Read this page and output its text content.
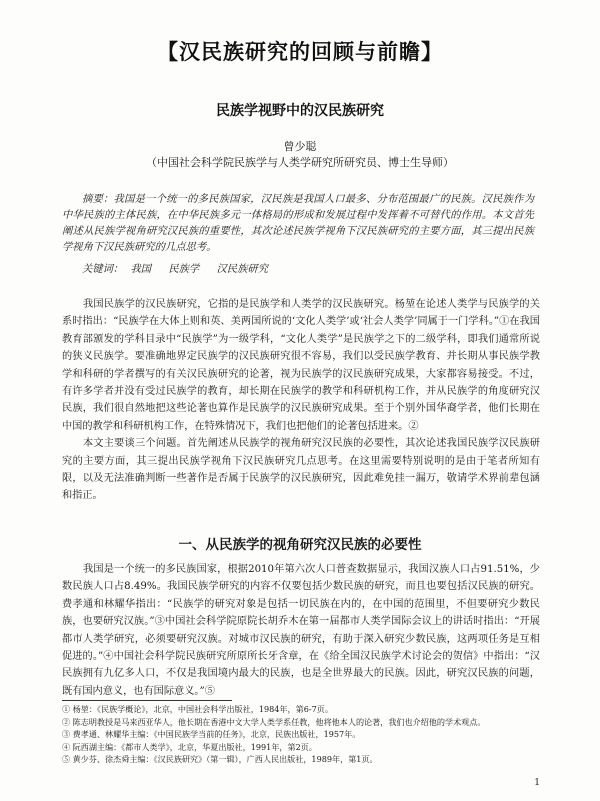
【汉民族研究的回顾与前瞻】
民族学视野中的汉民族研究
曾少聪
（中国社会科学院民族学与人类学研究所研究员、博士生导师）

摘要：我国是一个统一的多民族国家，汉民族是我国人口最多、分布范围最广的民族。汉民族作为中华民族的主体民族，在中华民族多元一体格局的形成和发展过程中发挥着不可替代的作用。本文首先阐述从民族学视角研究汉民族的重要性，其次论述民族学视角下汉民族研究的主要方面，其三提出民族学视角下汉民族研究的几点思考。

关键词： 我国 民族学 汉民族研究

我国民族学的汉民族研究，它指的是民族学和人类学的汉民族研究。杨堃在论述人类学与民族学的关系时指出：“民族学在大体上则和英、美两国所说的‘文化人类学’或‘社会人类学’同属于一门学科。”①在我国教育部颁发的学科目录中“民族学”为一级学科，“文化人类学”是民族学之下的二级学科，即我们通常所说的狭义民族学。要准确地界定民族学的汉民族研究很不容易，我们以受民族学教育、并长期从事民族学教学和科研的学者撰写的有关汉民族研究的论著，视为民族学的汉民族研究成果，大家都容易接受。不过，有许多学者并没有受过民族学的教育，却长期在民族学的教学和科研机构工作，并从民族学的角度研究汉民族，我们很自然地把这些论著也算作是民族学的汉民族研究成果。至于个别外国华裔学者，他们长期在中国的教学和科研机构工作，在特殊情况下，我们也把他们的论著包括进来。②

本文主要谈三个问题。首先阐述从民族学的视角研究汉民族的必要性，其次论述我国民族学汉民族研究的主要方面，其三提出民族学视角下汉民族研究几点思考。在这里需要特别说明的是由于笔者所知有限，以及无法准确判断一些著作是否属于民族学的汉民族研究，因此难免挂一漏万，敬请学术界前辈包涵和指正。

一、从民族学的视角研究汉民族的必要性

我国是一个统一的多民族国家，根据2010年第六次人口普查数据显示，我国汉族人口占91.51%，少数民族人口占8.49%。我国民族学研究的内容不仅要包括少数民族的研究，而且也要包括汉民族的研究。费孝通和林耀华指出：“民族学的研究对象是包括一切民族在内的，在中国的范围里，不但要研究少数民族，也要研究汉族。”③中国社会科学院原院长胡乔木在第一届都市人类学国际会议上的讲话时指出：“开展都市人类学研究，必须要研究汉族。对城市汉民族的研究，有助于深入研究少数民族，这两项任务是互相促进的。”④中国社会科学院民族研究所原所长牙含章，在《给全国汉民族学术讨论会的贺信》中指出：“汉民族拥有九亿多人口，不仅是我国境内最大的民族，也是全世界最大的民族。因此，研究汉民族的问题，既有国内意义，也有国际意义。”⑤

① 杨堃：《民族学概论》，北京，中国社会科学出版社，1984年，第6-7页。
② 陈志明教授是马来西亚华人，他长期在香港中文大学人类学系任教，他将他本人的论著，我们也介绍他的学术观点。
③ 费孝通、林耀华主编：《中国民族学当前的任务》，北京，民族出版社，1957年。
④ 阮西湖主编：《都市人类学》，北京，华夏出版社，1991年，第2页。
⑤ 黄少芬、徐杰舜主编：《汉民族研究》（第一辑），广西人民出版社，1989年，第1页。
1
